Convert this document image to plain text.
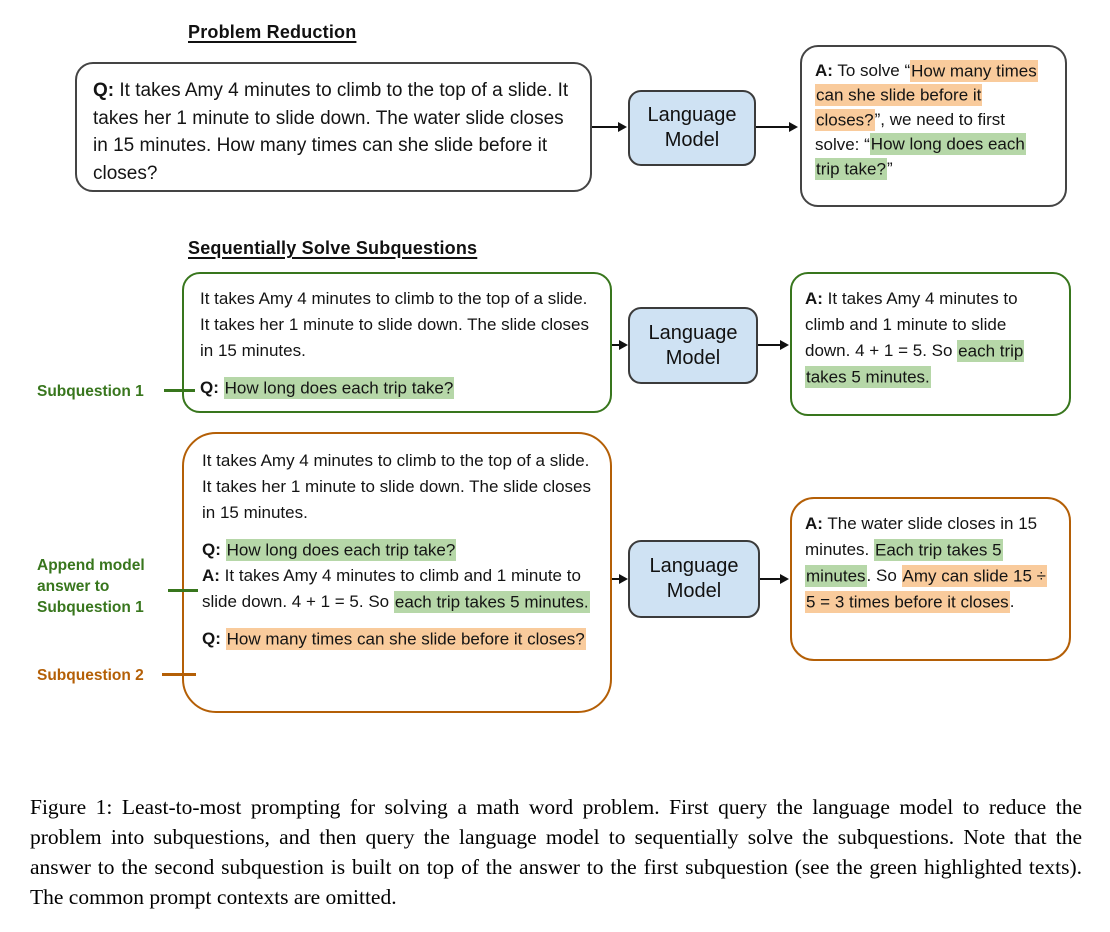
Problem Reduction

Q: It takes Amy 4 minutes to climb to the top of a slide. It takes her 1 minute to slide down. The water slide closes in 15 minutes. How many times can she slide before it closes?

Language Model

A: To solve “How many times can she slide before it closes?”, we need to first solve: “How long does each trip take?”

Sequentially Solve Subquestions

It takes Amy 4 minutes to climb to the top of a slide. It takes her 1 minute to slide down. The slide closes in 15 minutes.

Q: How long does each trip take?

Subquestion 1
Language Model

A: It takes Amy 4 minutes to climb and 1 minute to slide down. 4 + 1 = 5. So each trip takes 5 minutes.

It takes Amy 4 minutes to climb to the top of a slide. It takes her 1 minute to slide down. The slide closes in 15 minutes.

Q: How long does each trip take?

A: It takes Amy 4 minutes to climb and 1 minute to slide down. 4 + 1 = 5. So each trip takes 5 minutes.

Q: How many times can she slide before it closes?

Append model answer to Subquestion 1
Subquestion 2
Language Model

A: The water slide closes in 15 minutes. Each trip takes 5 minutes. So Amy can slide 15 ÷ 5 = 3 times before it closes.

Figure 1: Least-to-most prompting for solving a math word problem. First query the language model to reduce the problem into subquestions, and then query the language model to sequentially solve the subquestions. Note that the answer to the second subquestion is built on top of the answer to the first subquestion (see the green highlighted texts). The common prompt contexts are omitted.
